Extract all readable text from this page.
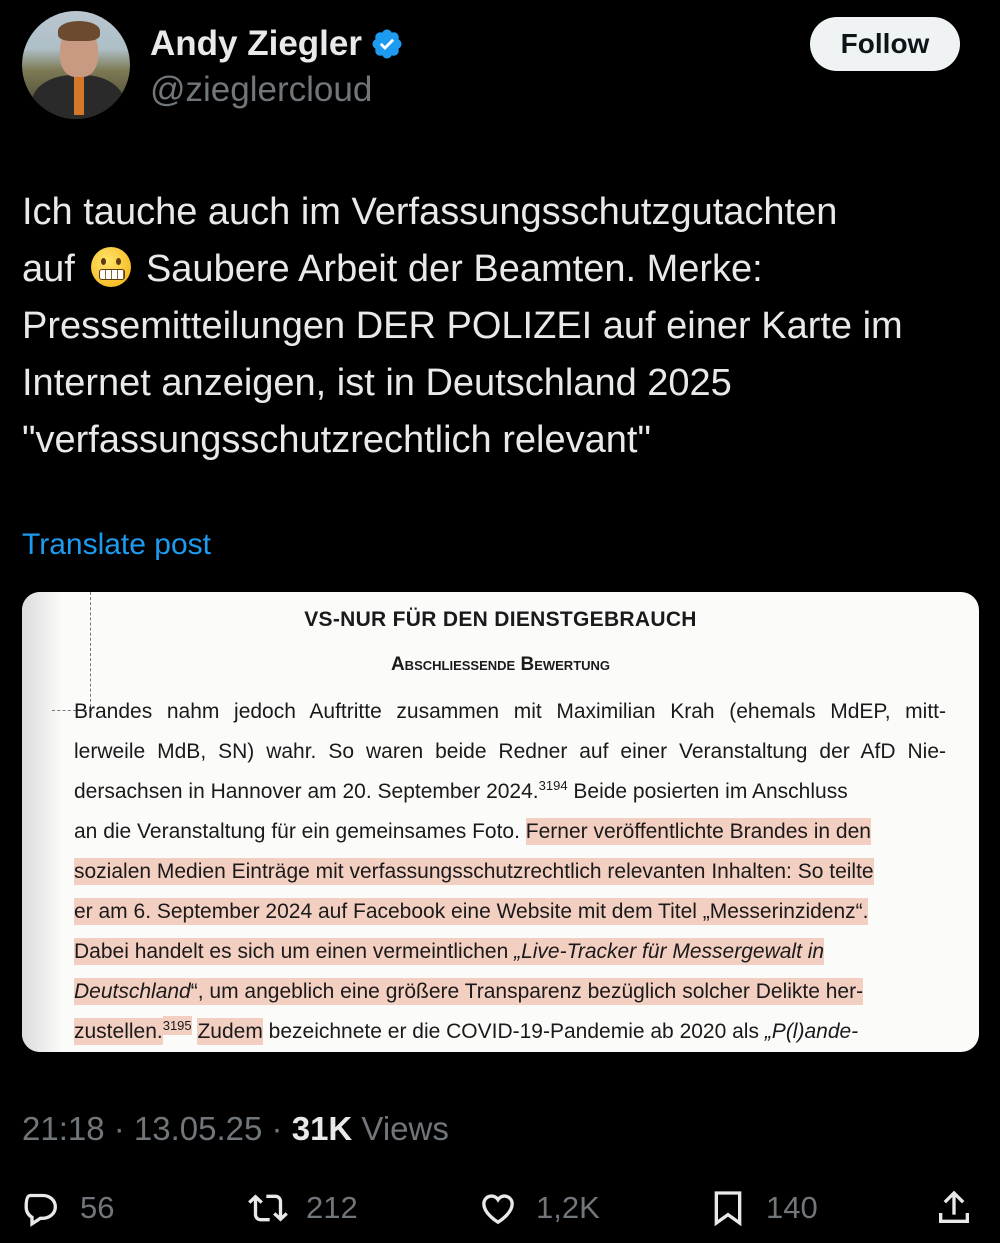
Andy Ziegler
@zieglercloud
Follow
Ich tauche auch im Verfassungsschutzgutachten
auf Saubere Arbeit der Beamten. Merke:
Pressemitteilungen DER POLIZEI auf einer Karte im
Internet anzeigen, ist in Deutschland 2025
"verfassungsschutzrechtlich relevant"
Translate post
VS-NUR FÜR DEN DIENSTGEBRAUCH
Abschließende Bewertung
Brandes nahm jedoch Auftritte zusammen mit Maximilian Krah (ehemals MdEP, mitt-
lerweile MdB, SN) wahr. So waren beide Redner auf einer Veranstaltung der AfD Nie-
dersachsen in Hannover am 20. September 2024.$^{3194}$ Beide posierten im Anschluss
an die Veranstaltung für ein gemeinsames Foto. Ferner veröffentlichte Brandes in den
sozialen Medien Einträge mit verfassungsschutzrechtlich relevanten Inhalten: So teilte
er am 6. September 2024 auf Facebook eine Website mit dem Titel „Messerinzidenz“.
Dabei handelt es sich um einen vermeintlichen „Live-Tracker für Messergewalt in
Deutschland“, um angeblich eine größere Transparenz bezüglich solcher Delikte her-
zustellen.$^{3195}$ Zudem bezeichnete er die COVID-19-Pandemie ab 2020 als „P(l)ande-
21:18 · 13.05.25 · 31K Views
56	212	1,2K	140
